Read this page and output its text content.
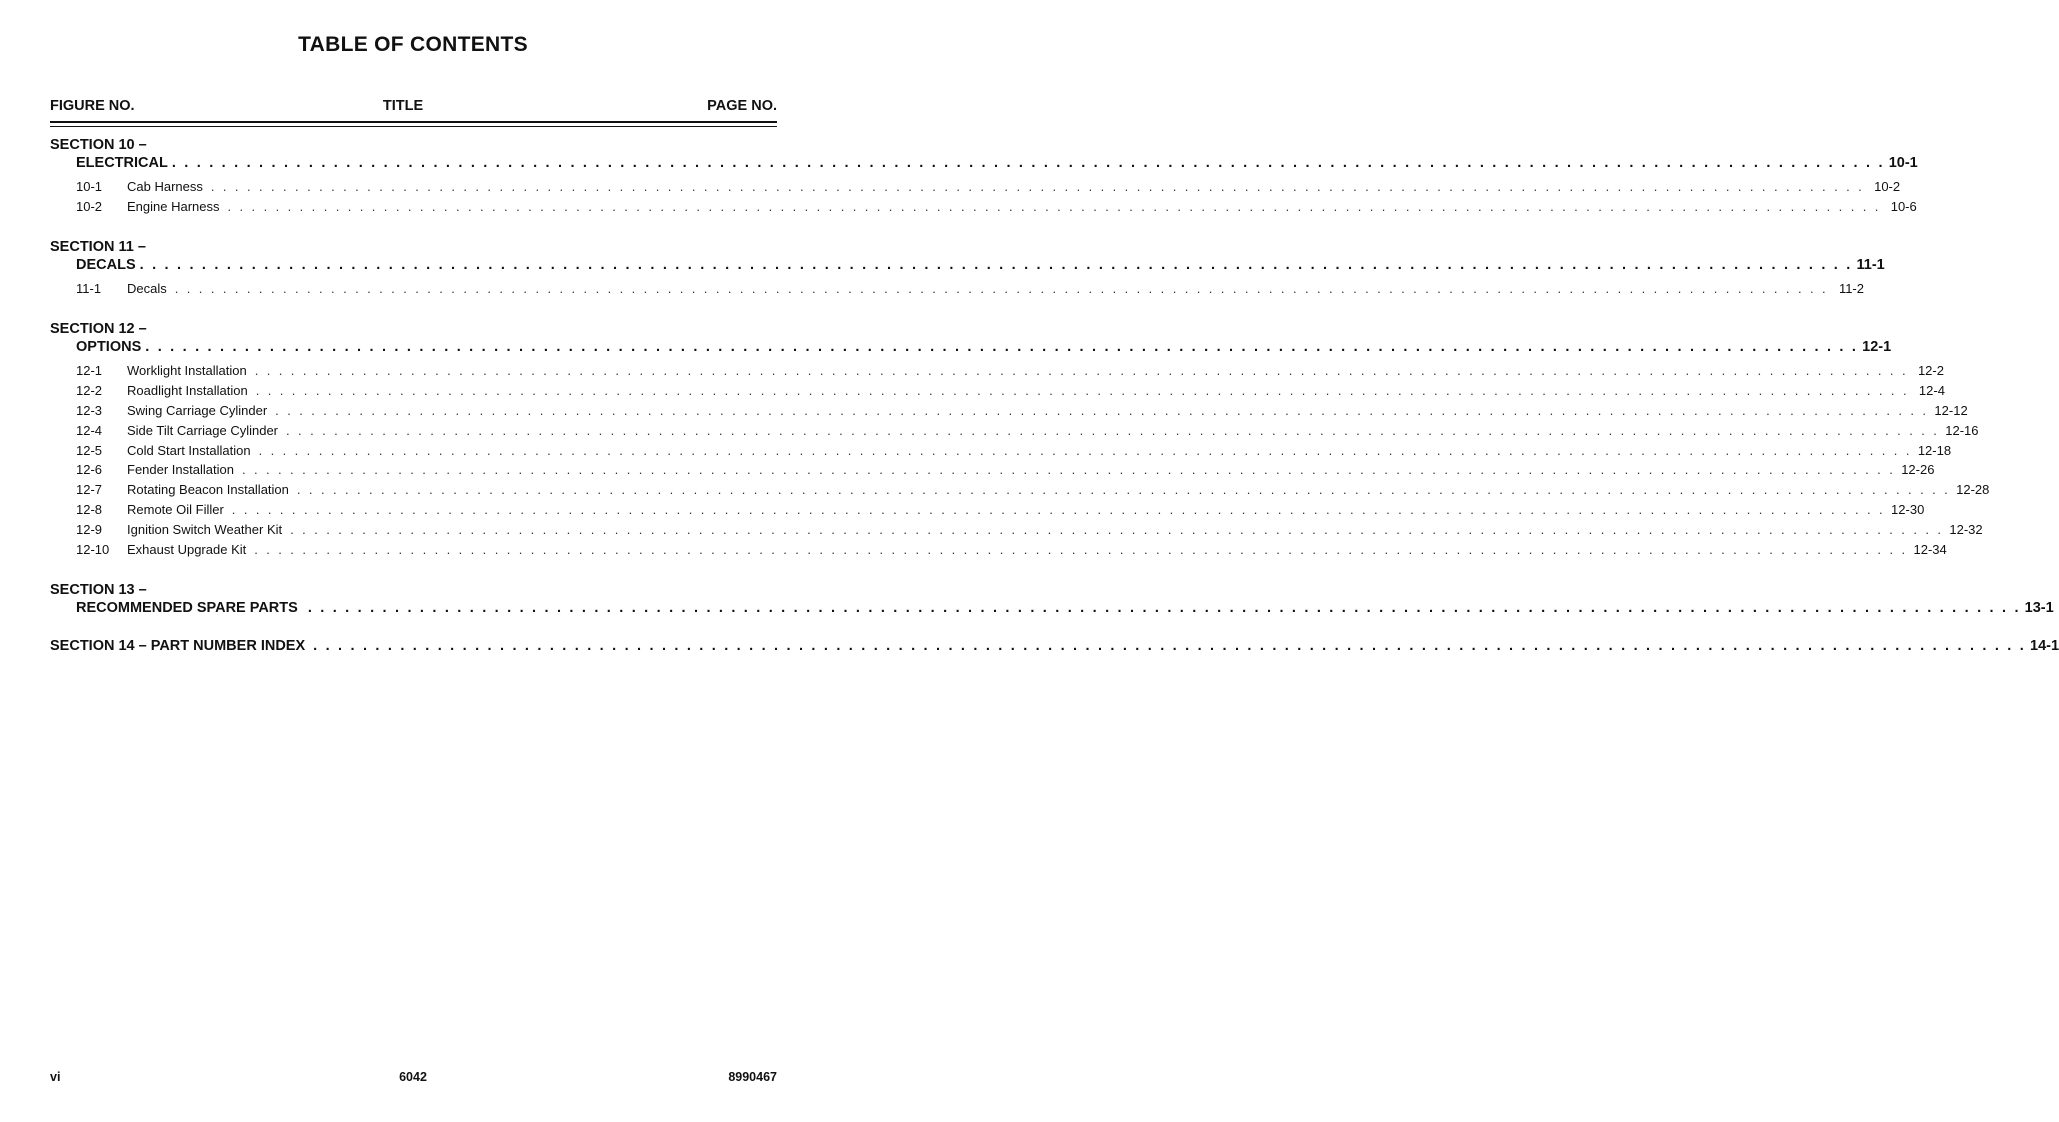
TABLE OF CONTENTS
FIGURE NO.	TITLE	PAGE NO.
SECTION 10 –
ELECTRICAL . . . . . . . . . . . . . . . . . . . . . . . . . . . . . . . . . . . . . . . . . . . . . . . . . . . . . . . . . . . . . . . . . . . . . . . . . . . . . . . . . . . . . . . . . . . . . . . . . . . . . . . . . . . . . . . . . . . . . . . . . . . . . . . . . . . . . . . . . . 10-1
10-1	Cab Harness . . . . . . . . . . . . . . . . . . . . . . . . . . . . . . . . . . . . . . . . . . . . . . . . . . . . . . . . . . . . . . . . . . . . . . . . . . . . . . . . . . . . . . . . . . . . . . . . . . . . . . . . . . . . . . . . . . . . . . . . . . . . . . . . . . . . . . . . . . 10-2
10-2	Engine Harness . . . . . . . . . . . . . . . . . . . . . . . . . . . . . . . . . . . . . . . . . . . . . . . . . . . . . . . . . . . . . . . . . . . . . . . . . . . . . . . . . . . . . . . . . . . . . . . . . . . . . . . . . . . . . . . . . . . . . . . . . . . . . . . . . . . . . . . . . . 10-6
SECTION 11 –
DECALS . . . . . . . . . . . . . . . . . . . . . . . . . . . . . . . . . . . . . . . . . . . . . . . . . . . . . . . . . . . . . . . . . . . . . . . . . . . . . . . . . . . . . . . . . . . . . . . . . . . . . . . . . . . . . . . . . . . . . . . . . . . . . . . . . . . . . . . . . . 11-1
11-1	Decals . . . . . . . . . . . . . . . . . . . . . . . . . . . . . . . . . . . . . . . . . . . . . . . . . . . . . . . . . . . . . . . . . . . . . . . . . . . . . . . . . . . . . . . . . . . . . . . . . . . . . . . . . . . . . . . . . . . . . . . . . . . . . . . . . . . . . . . . . . 11-2
SECTION 12 –
OPTIONS . . . . . . . . . . . . . . . . . . . . . . . . . . . . . . . . . . . . . . . . . . . . . . . . . . . . . . . . . . . . . . . . . . . . . . . . . . . . . . . . . . . . . . . . . . . . . . . . . . . . . . . . . . . . . . . . . . . . . . . . . . . . . . . . . . . . . . . . . . 12-1
12-1	Worklight Installation . . . . . . . . . . . . . . . . . . . . . . . . . . . . . . . . . . . . . . . . . . . . . . . . . . . . . . . . . . . . . . . . . . . . . . . . . . . . . . . . . . . . . . . . . . . . . . . . . . . . . . . . . . . . . . . . . . . . . . . . . . . . . . . . . . . . . . . . . . 12-2
12-2	Roadlight Installation . . . . . . . . . . . . . . . . . . . . . . . . . . . . . . . . . . . . . . . . . . . . . . . . . . . . . . . . . . . . . . . . . . . . . . . . . . . . . . . . . . . . . . . . . . . . . . . . . . . . . . . . . . . . . . . . . . . . . . . . . . . . . . . . . . . . . . . . . . 12-4
12-3	Swing Carriage Cylinder . . . . . . . . . . . . . . . . . . . . . . . . . . . . . . . . . . . . . . . . . . . . . . . . . . . . . . . . . . . . . . . . . . . . . . . . . . . . . . . . . . . . . . . . . . . . . . . . . . . . . . . . . . . . . . . . . . . . . . . . . . . . . . . . . . . . . . . . . . 12-12
12-4	Side Tilt Carriage Cylinder . . . . . . . . . . . . . . . . . . . . . . . . . . . . . . . . . . . . . . . . . . . . . . . . . . . . . . . . . . . . . . . . . . . . . . . . . . . . . . . . . . . . . . . . . . . . . . . . . . . . . . . . . . . . . . . . . . . . . . . . . . . . . . . . . . . . . . . . . . 12-16
12-5	Cold Start Installation . . . . . . . . . . . . . . . . . . . . . . . . . . . . . . . . . . . . . . . . . . . . . . . . . . . . . . . . . . . . . . . . . . . . . . . . . . . . . . . . . . . . . . . . . . . . . . . . . . . . . . . . . . . . . . . . . . . . . . . . . . . . . . . . . . . . . . . . . . 12-18
12-6	Fender Installation . . . . . . . . . . . . . . . . . . . . . . . . . . . . . . . . . . . . . . . . . . . . . . . . . . . . . . . . . . . . . . . . . . . . . . . . . . . . . . . . . . . . . . . . . . . . . . . . . . . . . . . . . . . . . . . . . . . . . . . . . . . . . . . . . . . . . . . . . . 12-26
12-7	Rotating Beacon Installation . . . . . . . . . . . . . . . . . . . . . . . . . . . . . . . . . . . . . . . . . . . . . . . . . . . . . . . . . . . . . . . . . . . . . . . . . . . . . . . . . . . . . . . . . . . . . . . . . . . . . . . . . . . . . . . . . . . . . . . . . . . . . . . . . . . . . . . . . . 12-28
12-8	Remote Oil Filler . . . . . . . . . . . . . . . . . . . . . . . . . . . . . . . . . . . . . . . . . . . . . . . . . . . . . . . . . . . . . . . . . . . . . . . . . . . . . . . . . . . . . . . . . . . . . . . . . . . . . . . . . . . . . . . . . . . . . . . . . . . . . . . . . . . . . . . . . . 12-30
12-9	Ignition Switch Weather Kit . . . . . . . . . . . . . . . . . . . . . . . . . . . . . . . . . . . . . . . . . . . . . . . . . . . . . . . . . . . . . . . . . . . . . . . . . . . . . . . . . . . . . . . . . . . . . . . . . . . . . . . . . . . . . . . . . . . . . . . . . . . . . . . . . . . . . . . . . . 12-32
12-10	Exhaust Upgrade Kit . . . . . . . . . . . . . . . . . . . . . . . . . . . . . . . . . . . . . . . . . . . . . . . . . . . . . . . . . . . . . . . . . . . . . . . . . . . . . . . . . . . . . . . . . . . . . . . . . . . . . . . . . . . . . . . . . . . . . . . . . . . . . . . . . . . . . . . . . . 12-34
SECTION 13 –
RECOMMENDED SPARE PARTS . . . . . . . . . . . . . . . . . . . . . . . . . . . . . . . . . . . . . . . . . . . . . . . . . . . . . . . . . . . . . . . . . . . . . . . . . . . . . . . . . . . . . . . . . . . . . . . . . . . . . . . . . . . . . . . . . . . . . . . . . . . . . . . . . . . . . . . . . . 13-1
SECTION 14 – PART NUMBER INDEX . . . . . . . . . . . . . . . . . . . . . . . . . . . . . . . . . . . . . . . . . . . . . . . . . . . . . . . . . . . . . . . . . . . . . . . . . . . . . . . . . . . . . . . . . . . . . . . . . . . . . . . . . . . . . . . . . . . . . . . . . . . . . . . . . . . . . . . . . . 14-1
vi	6042	8990467
